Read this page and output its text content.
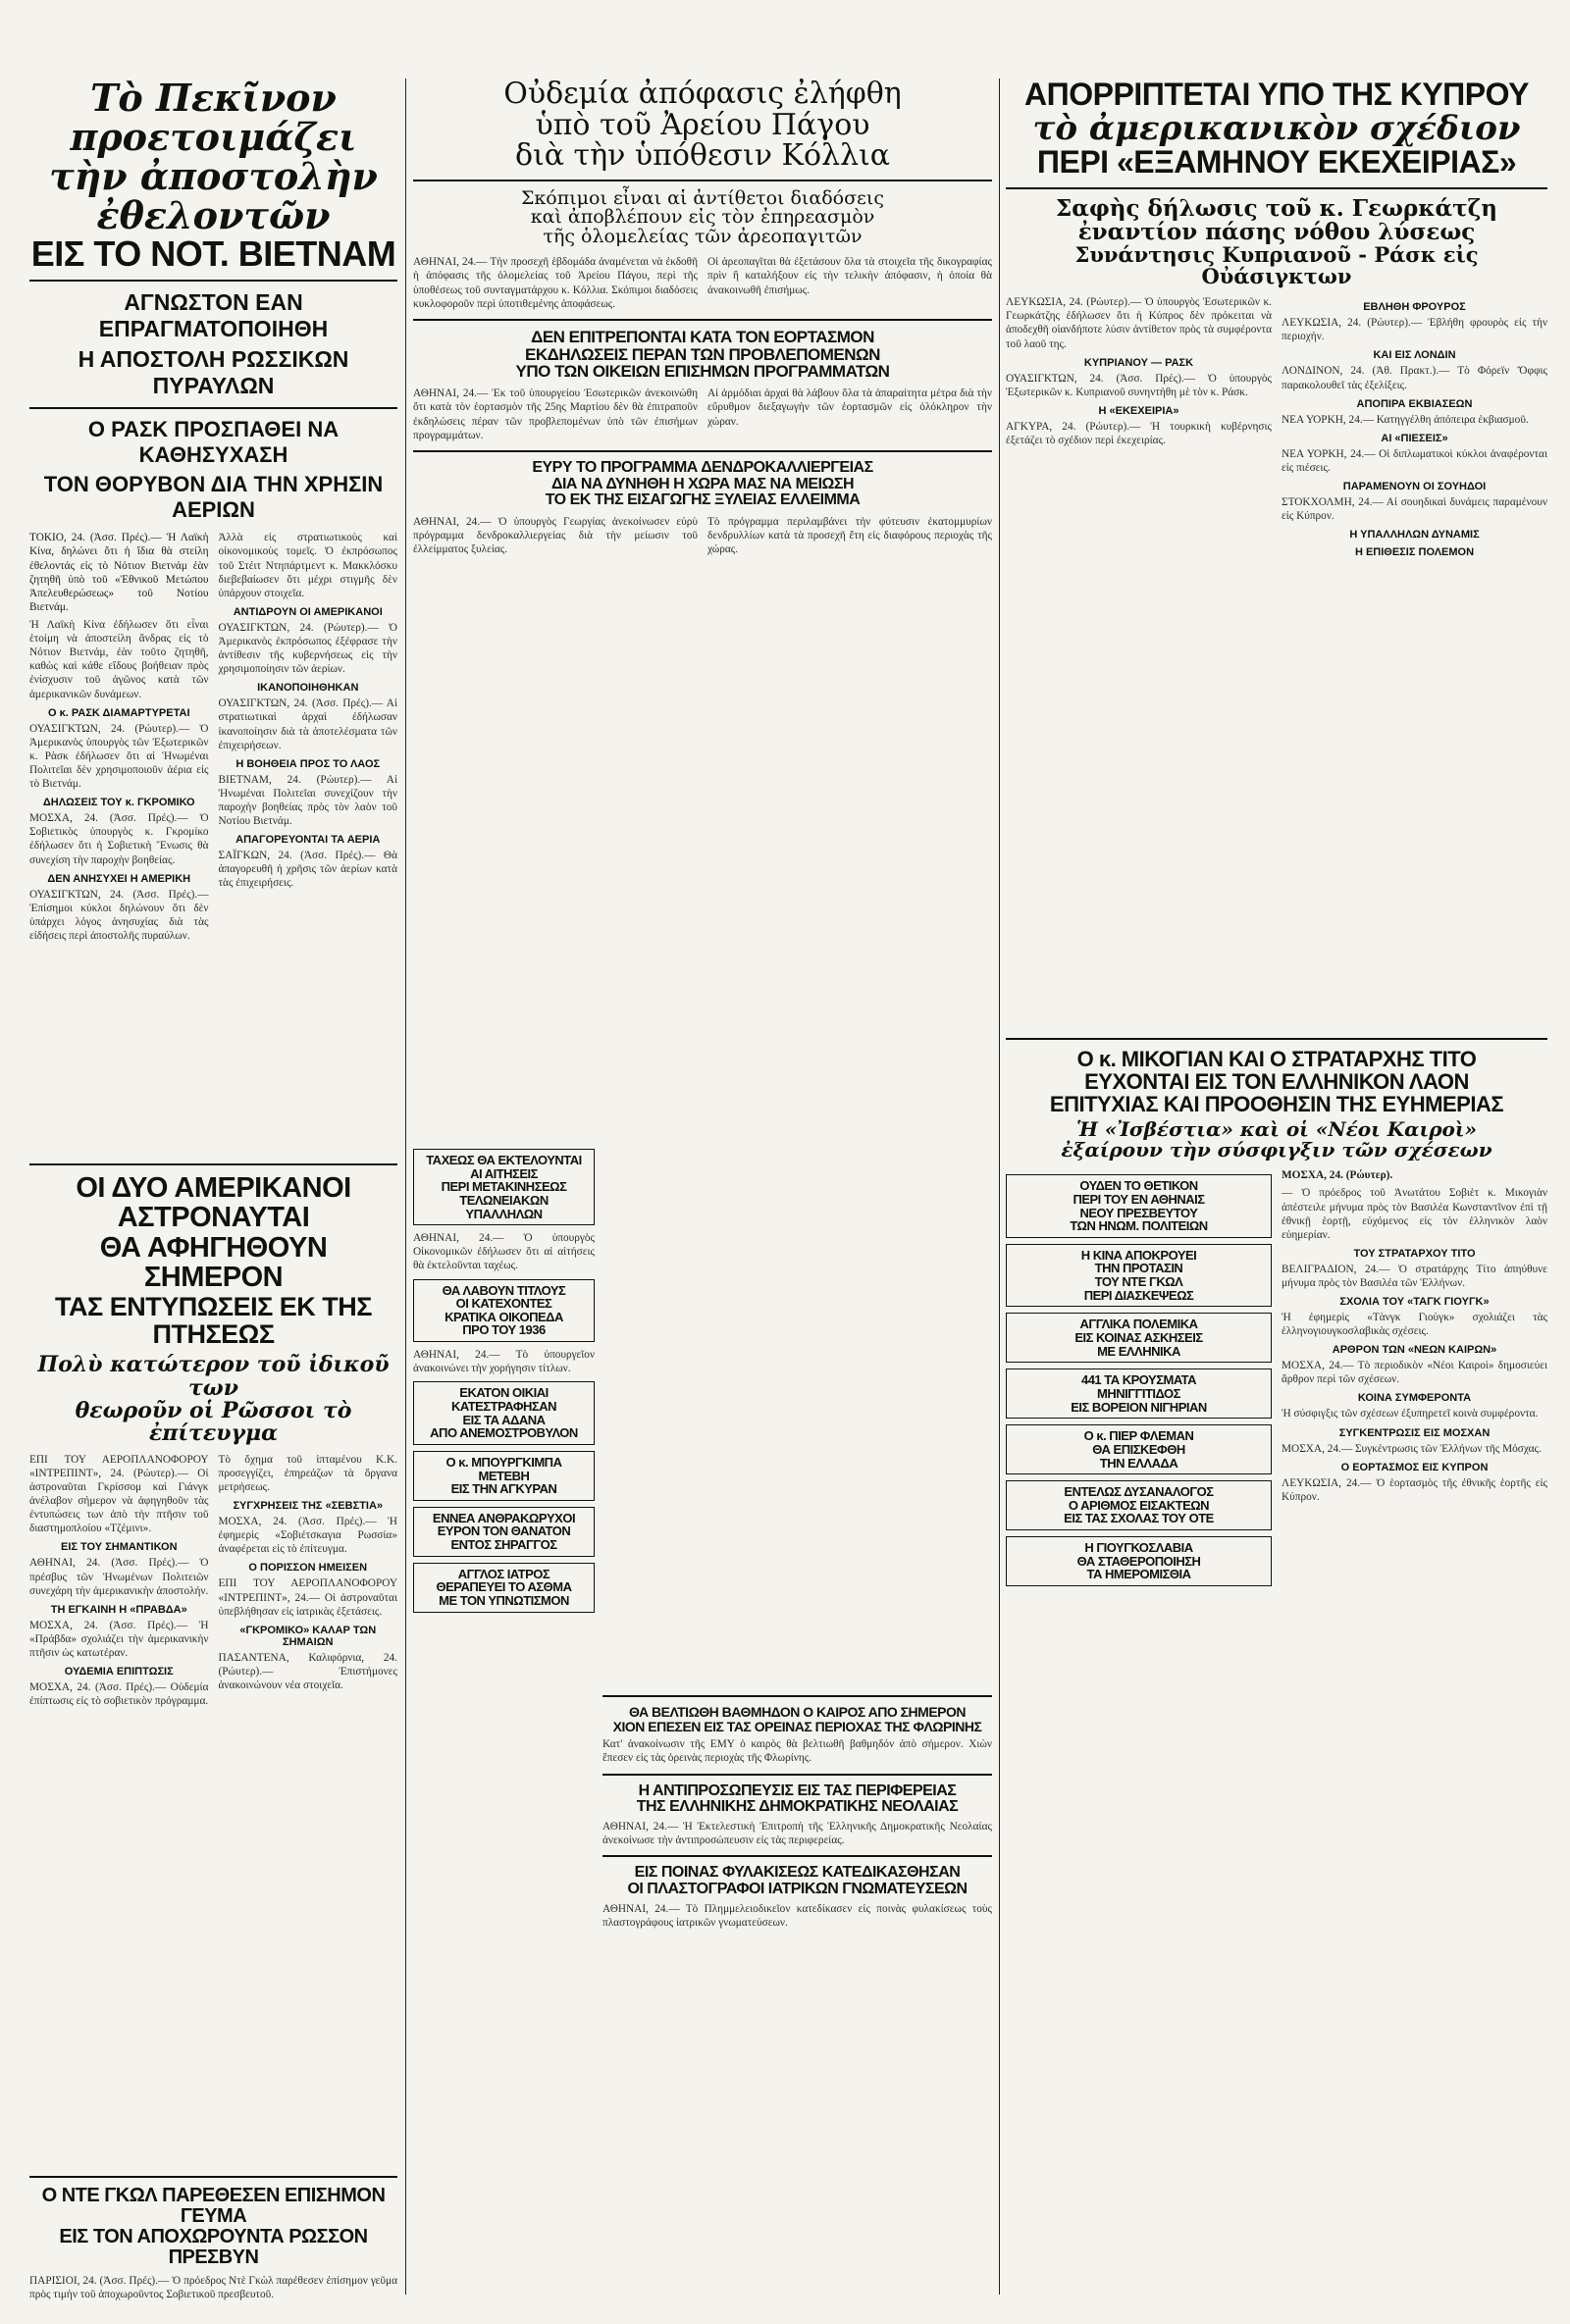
Τὸ Πεκῖνον προετοιμάζει

τὴν ἀποστολὴν ἐθελοντῶν

ΕΙΣ ΤΟ ΝΟΤ. ΒΙΕΤΝΑΜ

ΑΓΝΩΣΤΟΝ ΕΑΝ ΕΠΡΑΓΜΑΤΟΠΟΙΗΘΗ

Η ΑΠΟΣΤΟΛΗ ΡΩΣΣΙΚΩΝ ΠΥΡΑΥΛΩΝ

Ο ΡΑΣΚ ΠΡΟΣΠΑΘΕΙ ΝΑ ΚΑΘΗΣΥΧΑΣΗ

ΤΟΝ ΘΟΡΥΒΟΝ ΔΙΑ ΤΗΝ ΧΡΗΣΙΝ ΑΕΡΙΩΝ

ΤΟΚΙΟ, 24. (Ἀσσ. Πρές).— Ἡ Λαϊκὴ Κίνα, δηλώνει ὅτι ἡ ἴδια θὰ στείλη ἐθελοντάς εἰς τὸ Νότιον Βιετνάμ ἐὰν ζητηθῆ ὑπὸ τοῦ «Ἐθνικοῦ Μετώπου Ἀπελευθερώσεως» τοῦ Νοτίου Βιετνάμ.

Ἡ Λαϊκὴ Κίνα ἐδήλωσεν ὅτι εἶναι ἑτοίμη νὰ ἀποστείλη ἄνδρας εἰς τὸ Νότιον Βιετνάμ, ἐὰν τοῦτο ζητηθῆ, καθὼς καὶ κάθε εἴδους βοήθειαν πρὸς ἐνίσχυσιν τοῦ ἀγῶνος κατὰ τῶν ἀμερικανικῶν δυνάμεων.

Ο κ. ΡΑΣΚ ΔΙΑΜΑΡΤΥΡΕΤΑΙ

ΟΥΑΣΙΓΚΤΩΝ, 24. (Ρώυτερ).— Ὁ Ἀμερικανὸς ὑπουργὸς τῶν Ἐξωτερικῶν κ. Ρὰσκ ἐδήλωσεν ὅτι αἱ Ἡνωμέναι Πολιτεῖαι δὲν χρησιμοποιοῦν ἀέρια εἰς τὸ Βιετνάμ.

ΔΗΛΩΣΕΙΣ ΤΟΥ κ. ΓΚΡΟΜΙΚΟ

ΜΟΣΧΑ, 24. (Ἀσσ. Πρές).— Ὁ Σοβιετικὸς ὑπουργὸς κ. Γκρομίκο ἐδήλωσεν ὅτι ἡ Σοβιετικὴ Ἕνωσις θὰ συνεχίση τὴν παροχὴν βοηθείας.

ΔΕΝ ΑΝΗΣΥΧΕΙ Η ΑΜΕΡΙΚΗ

ΟΥΑΣΙΓΚΤΩΝ, 24. (Ἀσσ. Πρές).— Ἐπίσημοι κύκλοι δηλώνουν ὅτι δὲν ὑπάρχει λόγος ἀνησυχίας διὰ τὰς εἰδήσεις περὶ ἀποστολῆς πυραύλων.
Ἀλλὰ εἰς στρατιωτικοὺς καὶ οἰκονομικοὺς τομεῖς. Ὁ ἐκπρόσωπος τοῦ Στέιτ Ντηπάρτμεντ κ. Μακκλόσκυ διεβεβαίωσεν ὅτι μέχρι στιγμῆς δὲν ὑπάρχουν στοιχεῖα.

ΑΝΤΙΔΡΟΥΝ ΟΙ ΑΜΕΡΙΚΑΝΟΙ

ΟΥΑΣΙΓΚΤΩΝ, 24. (Ρώυτερ).— Ὁ Ἀμερικανὸς ἐκπρόσωπος ἐξέφρασε τὴν ἀντίθεσιν τῆς κυβερνήσεως εἰς τὴν χρησιμοποίησιν τῶν ἀερίων.

ΙΚΑΝΟΠΟΙΗΘΗΚΑΝ

ΟΥΑΣΙΓΚΤΩΝ, 24. (Ἀσσ. Πρές).— Αἱ στρατιωτικαὶ ἀρχαὶ ἐδήλωσαν ἱκανοποίησιν διὰ τὰ ἀποτελέσματα τῶν ἐπιχειρήσεων.

Η ΒΟΗΘΕΙΑ ΠΡΟΣ ΤΟ ΛΑΟΣ

ΒΙΕΤΝΑΜ, 24. (Ρώυτερ).— Αἱ Ἡνωμέναι Πολιτεῖαι συνεχίζουν τὴν παροχὴν βοηθείας πρὸς τὸν λαὸν τοῦ Νοτίου Βιετνάμ.

ΑΠΑΓΟΡΕΥΟΝΤΑΙ ΤΑ ΑΕΡΙΑ

ΣΑΪΓΚΩΝ, 24. (Ἀσσ. Πρές).— Θὰ ἀπαγορευθῆ ἡ χρῆσις τῶν ἀερίων κατὰ τὰς ἐπιχειρήσεις.

ΟΙ ΔΥΟ ΑΜΕΡΙΚΑΝΟΙ ΑΣΤΡΟΝΑΥΤΑΙ

ΘΑ ΑΦΗΓΗΘΟΥΝ ΣΗΜΕΡΟΝ

ΤΑΣ ΕΝΤΥΠΩΣΕΙΣ ΕΚ ΤΗΣ ΠΤΗΣΕΩΣ

Πολὺ κατώτερον τοῦ ἰδικοῦ των

θεωροῦν οἱ Ρῶσσοι τὸ ἐπίτευγμα

ΕΠΙ ΤΟΥ ΑΕΡΟΠΛΑΝΟΦΟΡΟΥ «ΙΝΤΡΕΠΙΝΤ», 24. (Ρώυτερ).— Οἱ ἀστροναῦται Γκρίσσομ καὶ Γιάνγκ ἀνέλαβον σήμερον νὰ ἀφηγηθοῦν τὰς ἐντυπώσεις των ἀπὸ τὴν πτῆσιν τοῦ διαστημοπλοίου «Τζέμινι».

ΕΙΣ ΤΟΥ ΣΗΜΑΝΤΙΚΟΝ

ΑΘΗΝΑΙ, 24. (Ἀσσ. Πρές).— Ὁ πρέσβυς τῶν Ἡνωμένων Πολιτειῶν συνεχάρη τὴν ἀμερικανικὴν ἀποστολήν.

ΤΗ ΕΓΚΑΙΝΗ Η «ΠΡΑΒΔΑ»

ΜΟΣΧΑ, 24. (Ἀσσ. Πρές).— Ἡ «Πράβδα» σχολιάζει τὴν ἀμερικανικὴν πτῆσιν ὡς κατωτέραν.

ΟΥΔΕΜΙΑ ΕΠΙΠΤΩΣΙΣ

ΜΟΣΧΑ, 24. (Ἀσσ. Πρές).— Οὐδεμία ἐπίπτωσις εἰς τὸ σοβιετικὸν πρόγραμμα.
Τὸ ὄχημα τοῦ ἱπταμένου Κ.Κ. προσεγγίζει, ἐπηρεάζων τὰ ὄργανα μετρήσεως.

ΣΥΓΧΡΗΣΕΙΣ ΤΗΣ «ΣΕΒΣΤΙΑ»

ΜΟΣΧΑ, 24. (Ἀσσ. Πρές).— Ἡ ἐφημερὶς «Σοβιέτσκαγια Ρωσσία» ἀναφέρεται εἰς τὸ ἐπίτευγμα.

Ο ΠΟΡΙΣΣΟΝ ΗΜΕΙΣΕΝ

ΕΠΙ ΤΟΥ ΑΕΡΟΠΛΑΝΟΦΟΡΟΥ «ΙΝΤΡΕΠΙΝΤ», 24.— Οἱ ἀστροναῦται ὑπεβλήθησαν εἰς ἰατρικὰς ἐξετάσεις.

«ΓΚΡΟΜΙΚΟ» ΚΑΛΑΡ ΤΩΝ ΣΗΜΑΙΩΝ

ΠΑΣΑΝΤΕΝΑ, Καλιφόρνια, 24. (Ρώυτερ).— Ἐπιστήμονες ἀνακοινώνουν νέα στοιχεῖα.

Ο ΝΤΕ ΓΚΩΛ ΠΑΡΕΘΕΣΕΝ ΕΠΙΣΗΜΟΝ ΓΕΥΜΑ

ΕΙΣ ΤΟΝ ΑΠΟΧΩΡΟΥΝΤΑ ΡΩΣΣΟΝ ΠΡΕΣΒΥΝ

ΠΑΡΙΣΙΟΙ, 24. (Ἀσσ. Πρές).— Ὁ πρόεδρος Ντὲ Γκὼλ παρέθεσεν ἐπίσημον γεῦμα πρὸς τιμὴν τοῦ ἀποχωροῦντος Σοβιετικοῦ πρεσβευτοῦ.

Οὐδεμία ἀπόφασις ἐλήφθη

ὑπὸ τοῦ Ἀρείου Πάγου

διὰ τὴν ὑπόθεσιν Κόλλια

Σκόπιμοι εἶναι αἱ ἀντίθετοι διαδόσεις

καὶ ἀποβλέπουν εἰς τὸν ἐπηρεασμὸν

τῆς ὁλομελείας τῶν ἀρεοπαγιτῶν

ΑΘΗΝΑΙ, 24.— Τὴν προσεχῆ ἑβδομάδα ἀναμένεται νὰ ἐκδοθῆ ἡ ἀπόφασις τῆς ὁλομελείας τοῦ Ἀρείου Πάγου, περὶ τῆς ὑποθέσεως τοῦ συνταγματάρχου κ. Κόλλια. Σκόπιμοι διαδόσεις κυκλοφοροῦν περὶ ὑποτιθεμένης ἀποφάσεως.
Οἱ ἀρεοπαγῖται θὰ ἐξετάσουν ὅλα τὰ στοιχεῖα τῆς δικογραφίας πρὶν ἢ καταλήξουν εἰς τὴν τελικὴν ἀπόφασιν, ἡ ὁποία θὰ ἀνακοινωθῆ ἐπισήμως.

ΔΕΝ ΕΠΙΤΡΕΠΟΝΤΑΙ ΚΑΤΑ ΤΟΝ ΕΟΡΤΑΣΜΟΝ

ΕΚΔΗΛΩΣΕΙΣ ΠΕΡΑΝ ΤΩΝ ΠΡΟΒΛΕΠΟΜΕΝΩΝ

ΥΠΟ ΤΩΝ ΟΙΚΕΙΩΝ ΕΠΙΣΗΜΩΝ ΠΡΟΓΡΑΜΜΑΤΩΝ

ΑΘΗΝΑΙ, 24.— Ἐκ τοῦ ὑπουργείου Ἐσωτερικῶν ἀνεκοινώθη ὅτι κατὰ τὸν ἑορτασμὸν τῆς 25ης Μαρτίου δὲν θὰ ἐπιτραποῦν ἐκδηλώσεις πέραν τῶν προβλεπομένων ὑπὸ τῶν ἐπισήμων προγραμμάτων.
Αἱ ἀρμόδιαι ἀρχαὶ θὰ λάβουν ὅλα τὰ ἀπαραίτητα μέτρα διὰ τὴν εὔρυθμον διεξαγωγὴν τῶν ἑορτασμῶν εἰς ὁλόκληρον τὴν χώραν.

ΕΥΡΥ ΤΟ ΠΡΟΓΡΑΜΜΑ ΔΕΝΔΡΟΚΑΛΛΙΕΡΓΕΙΑΣ

ΔΙΑ ΝΑ ΔΥΝΗΘΗ Η ΧΩΡΑ ΜΑΣ ΝΑ ΜΕΙΩΣΗ

ΤΟ ΕΚ ΤΗΣ ΕΙΣΑΓΩΓΗΣ ΞΥΛΕΙΑΣ ΕΛΛΕΙΜΜΑ

ΑΘΗΝΑΙ, 24.— Ὁ ὑπουργὸς Γεωργίας ἀνεκοίνωσεν εὐρὺ πρόγραμμα δενδροκαλλιεργείας διὰ τὴν μείωσιν τοῦ ἐλλείμματος ξυλείας.
Τὸ πρόγραμμα περιλαμβάνει τὴν φύτευσιν ἑκατομμυρίων δενδρυλλίων κατὰ τὰ προσεχῆ ἔτη εἰς διαφόρους περιοχὰς τῆς χώρας.

ΤΑΧΕΩΣ ΘΑ ΕΚΤΕΛΟΥΝΤΑΙ

ΑΙ ΑΙΤΗΣΕΙΣ

ΠΕΡΙ ΜΕΤΑΚΙΝΗΣΕΩΣ

ΤΕΛΩΝΕΙΑΚΩΝ ΥΠΑΛΛΗΛΩΝ

ΑΘΗΝΑΙ, 24.— Ὁ ὑπουργὸς Οἰκονομικῶν ἐδήλωσεν ὅτι αἱ αἰτήσεις θὰ ἐκτελοῦνται ταχέως.

ΘΑ ΛΑΒΟΥΝ ΤΙΤΛΟΥΣ

ΟΙ ΚΑΤΕΧΟΝΤΕΣ

ΚΡΑΤΙΚΑ ΟΙΚΟΠΕΔΑ

ΠΡΟ ΤΟΥ 1936

ΑΘΗΝΑΙ, 24.— Τὸ ὑπουργεῖον ἀνακοινώνει τὴν χορήγησιν τίτλων.

ΕΚΑΤΟΝ ΟΙΚΙΑΙ

ΚΑΤΕΣΤΡΑΦΗΣΑΝ

ΕΙΣ ΤΑ ΑΔΑΝΑ

ΑΠΟ ΑΝΕΜΟΣΤΡΟΒΥΛΟΝ

Ο κ. ΜΠΟΥΡΓΚΙΜΠΑ

ΜΕΤΕΒΗ

ΕΙΣ ΤΗΝ ΑΓΚΥΡΑΝ

ΕΝΝΕΑ ΑΝΘΡΑΚΩΡΥΧΟΙ

ΕΥΡΟΝ ΤΟΝ ΘΑΝΑΤΟΝ

ΕΝΤΟΣ ΣΗΡΑΓΓΟΣ

ΑΓΓΛΟΣ ΙΑΤΡΟΣ

ΘΕΡΑΠΕΥΕΙ ΤΟ ΑΣΘΜΑ

ΜΕ ΤΟΝ ΥΠΝΩΤΙΣΜΟΝ

ΘΑ ΒΕΛΤΙΩΘΗ ΒΑΘΜΗΔΟΝ Ο ΚΑΙΡΟΣ ΑΠΟ ΣΗΜΕΡΟΝ

ΧΙΟΝ ΕΠΕΣΕΝ ΕΙΣ ΤΑΣ ΟΡΕΙΝΑΣ ΠΕΡΙΟΧΑΣ ΤΗΣ ΦΛΩΡΙΝΗΣ

Κατ' ἀνακοίνωσιν τῆς ΕΜΥ ὁ καιρὸς θὰ βελτιωθῆ βαθμηδόν ἀπὸ σήμερον. Χιὼν ἔπεσεν εἰς τὰς ὀρεινὰς περιοχὰς τῆς Φλωρίνης.

Η ΑΝΤΙΠΡΟΣΩΠΕΥΣΙΣ ΕΙΣ ΤΑΣ ΠΕΡΙΦΕΡΕΙΑΣ

ΤΗΣ ΕΛΛΗΝΙΚΗΣ ΔΗΜΟΚΡΑΤΙΚΗΣ ΝΕΟΛΑΙΑΣ

ΑΘΗΝΑΙ, 24.— Ἡ Ἐκτελεστικὴ Ἐπιτροπὴ τῆς Ἑλληνικῆς Δημοκρατικῆς Νεολαίας ἀνεκοίνωσε τὴν ἀντιπροσώπευσιν εἰς τὰς περιφερείας.

ΕΙΣ ΠΟΙΝΑΣ ΦΥΛΑΚΙΣΕΩΣ ΚΑΤΕΔΙΚΑΣΘΗΣΑΝ

ΟΙ ΠΛΑΣΤΟΓΡΑΦΟΙ ΙΑΤΡΙΚΩΝ ΓΝΩΜΑΤΕΥΣΕΩΝ

ΑΘΗΝΑΙ, 24.— Τὸ Πλημμελειοδικεῖον κατεδίκασεν εἰς ποινὰς φυλακίσεως τοὺς πλαστογράφους ἰατρικῶν γνωματεύσεων.

ΑΠΟΡΡΙΠΤΕΤΑΙ ΥΠΟ ΤΗΣ ΚΥΠΡΟΥ

τὸ ἀμερικανικὸν σχέδιον

ΠΕΡΙ «ΕΞΑΜΗΝΟΥ ΕΚΕΧΕΙΡΙΑΣ»

Σαφὴς δήλωσις τοῦ κ. Γεωρκάτζη

ἐναντίον πάσης νόθου λύσεως

Συνάντησις Κυπριανοῦ - Ράσκ εἰς Οὐάσιγκτων

ΛΕΥΚΩΣΙΑ, 24. (Ρώυτερ).— Ὁ ὑπουργὸς Ἐσωτερικῶν κ. Γεωρκάτζης ἐδήλωσεν ὅτι ἡ Κύπρος δὲν πρόκειται νὰ ἀποδεχθῆ οἱανδήποτε λύσιν ἀντίθετον πρὸς τὰ συμφέροντα τοῦ λαοῦ της.

ΚΥΠΡΙΑΝΟΥ — ΡΑΣΚ

ΟΥΑΣΙΓΚΤΩΝ, 24. (Ἀσσ. Πρές).— Ὁ ὑπουργὸς Ἐξωτερικῶν κ. Κυπριανοῦ συνηντήθη μὲ τὸν κ. Ράσκ.

Η «ΕΚΕΧΕΙΡΙΑ»

ΑΓΚΥΡΑ, 24. (Ρώυτερ).— Ἡ τουρκικὴ κυβέρνησις ἐξετάζει τὸ σχέδιον περὶ ἐκεχειρίας.

ΕΒΛΗΘΗ ΦΡΟΥΡΟΣ

ΛΕΥΚΩΣΙΑ, 24. (Ρώυτερ).— Ἐβλήθη φρουρὸς εἰς τὴν περιοχήν.

ΚΑΙ ΕΙΣ ΛΟΝΔΙΝ

ΛΟΝΔΙΝΟΝ, 24. (Ἀθ. Πρακτ.).— Τὸ Φόρεϊν Ὄφφις παρακολουθεῖ τὰς ἐξελίξεις.

ΑΠΟΠΙΡΑ ΕΚΒΙΑΣΕΩΝ

ΝΕΑ ΥΟΡΚΗ, 24.— Κατηγγέλθη ἀπόπειρα ἐκβιασμοῦ.

ΑΙ «ΠΙΕΣΕΙΣ»

ΝΕΑ ΥΟΡΚΗ, 24.— Οἱ διπλωματικοὶ κύκλοι ἀναφέρονται εἰς πιέσεις.

ΠΑΡΑΜΕΝΟΥΝ ΟΙ ΣΟΥΗΔΟΙ

ΣΤΟΚΧΟΛΜΗ, 24.— Αἱ σουηδικαὶ δυνάμεις παραμένουν εἰς Κύπρον.

Η ΥΠΑΛΛΗΛΩΝ ΔΥΝΑΜΙΣ

Η ΕΠΙΘΕΣΙΣ ΠΟΛΕΜΟΝ

Ο κ. ΜΙΚΟΓΙΑΝ ΚΑΙ Ο ΣΤΡΑΤΑΡΧΗΣ ΤΙΤΟ

ΕΥΧΟΝΤΑΙ ΕΙΣ ΤΟΝ ΕΛΛΗΝΙΚΟΝ ΛΑΟΝ

ΕΠΙΤΥΧΙΑΣ ΚΑΙ ΠΡΟΟΘΗΣΙΝ ΤΗΣ ΕΥΗΜΕΡΙΑΣ

Ἡ «Ἰσβέστια» καὶ οἱ «Νέοι Καιροὶ»

ἐξαίρουν τὴν σύσφιγξιν τῶν σχέσεων

ΟΥΔΕΝ ΤΟ ΘΕΤΙΚΟΝ

ΠΕΡΙ ΤΟΥ ΕΝ ΑΘΗΝΑΙΣ

ΝΕΟΥ ΠΡΕΣΒΕΥΤΟΥ

ΤΩΝ ΗΝΩΜ. ΠΟΛΙΤΕΙΩΝ

Η ΚΙΝΑ ΑΠΟΚΡΟΥΕΙ

ΤΗΝ ΠΡΟΤΑΣΙΝ

ΤΟΥ ΝΤΕ ΓΚΩΛ

ΠΕΡΙ ΔΙΑΣΚΕΨΕΩΣ

ΑΓΓΛΙΚΑ ΠΟΛΕΜΙΚΑ

ΕΙΣ ΚΟΙΝΑΣ ΑΣΚΗΣΕΙΣ

ΜΕ ΕΛΛΗΝΙΚΑ

441 ΤΑ ΚΡΟΥΣΜΑΤΑ

ΜΗΝΙΓΓΙΤΙΔΟΣ

ΕΙΣ ΒΟΡΕΙΟΝ ΝΙΓΗΡΙΑΝ

Ο κ. ΠΙΕΡ ΦΛΕΜΑΝ

ΘΑ ΕΠΙΣΚΕΦΘΗ

ΤΗΝ ΕΛΛΑΔΑ

ΕΝΤΕΛΩΣ ΔΥΣΑΝΑΛΟΓΟΣ

Ο ΑΡΙΘΜΟΣ ΕΙΣΑΚΤΕΩΝ

ΕΙΣ ΤΑΣ ΣΧΟΛΑΣ ΤΟΥ ΟΤΕ

Η ΓΙΟΥΓΚΟΣΛΑΒΙΑ

ΘΑ ΣΤΑΘΕΡΟΠΟΙΗΣΗ

ΤΑ ΗΜΕΡΟΜΙΣΘΙΑ

ΜΟΣΧΑ, 24. (Ρώυτερ).

— Ὁ πρόεδρος τοῦ Ἀνωτάτου Σοβιὲτ κ. Μικογιὰν ἀπέστειλε μήνυμα πρὸς τὸν Βασιλέα Κωνσταντῖνον ἐπὶ τῇ ἐθνικῇ ἑορτῇ, εὐχόμενος εἰς τὸν ἑλληνικὸν λαὸν εὐημερίαν.

ΤΟΥ ΣΤΡΑΤΑΡΧΟΥ ΤΙΤΟ

ΒΕΛΙΓΡΑΔΙΟΝ, 24.— Ὁ στρατάρχης Τίτο ἀπηύθυνε μήνυμα πρὸς τὸν Βασιλέα τῶν Ἑλλήνων.

ΣΧΟΛΙΑ ΤΟΥ «ΤΑΓΚ ΓΙΟΥΓΚ»

Ἡ ἐφημερὶς «Τὰνγκ Γιοὺγκ» σχολιάζει τὰς ἑλληνογιουγκοσλαβικὰς σχέσεις.

ΑΡΘΡΟΝ ΤΩΝ «ΝΕΩΝ ΚΑΙΡΩΝ»

ΜΟΣΧΑ, 24.— Τὸ περιοδικὸν «Νέοι Καιροὶ» δημοσιεύει ἄρθρον περὶ τῶν σχέσεων.

ΚΟΙΝΑ ΣΥΜΦΕΡΟΝΤΑ

Ἡ σύσφιγξις τῶν σχέσεων ἐξυπηρετεῖ κοινὰ συμφέροντα.

ΣΥΓΚΕΝΤΡΩΣΙΣ ΕΙΣ ΜΟΣΧΑΝ

ΜΟΣΧΑ, 24.— Συγκέντρωσις τῶν Ἑλλήνων τῆς Μόσχας.

Ο ΕΟΡΤΑΣΜΟΣ ΕΙΣ ΚΥΠΡΟΝ

ΛΕΥΚΩΣΙΑ, 24.— Ὁ ἑορτασμὸς τῆς ἐθνικῆς ἑορτῆς εἰς Κύπρον.
